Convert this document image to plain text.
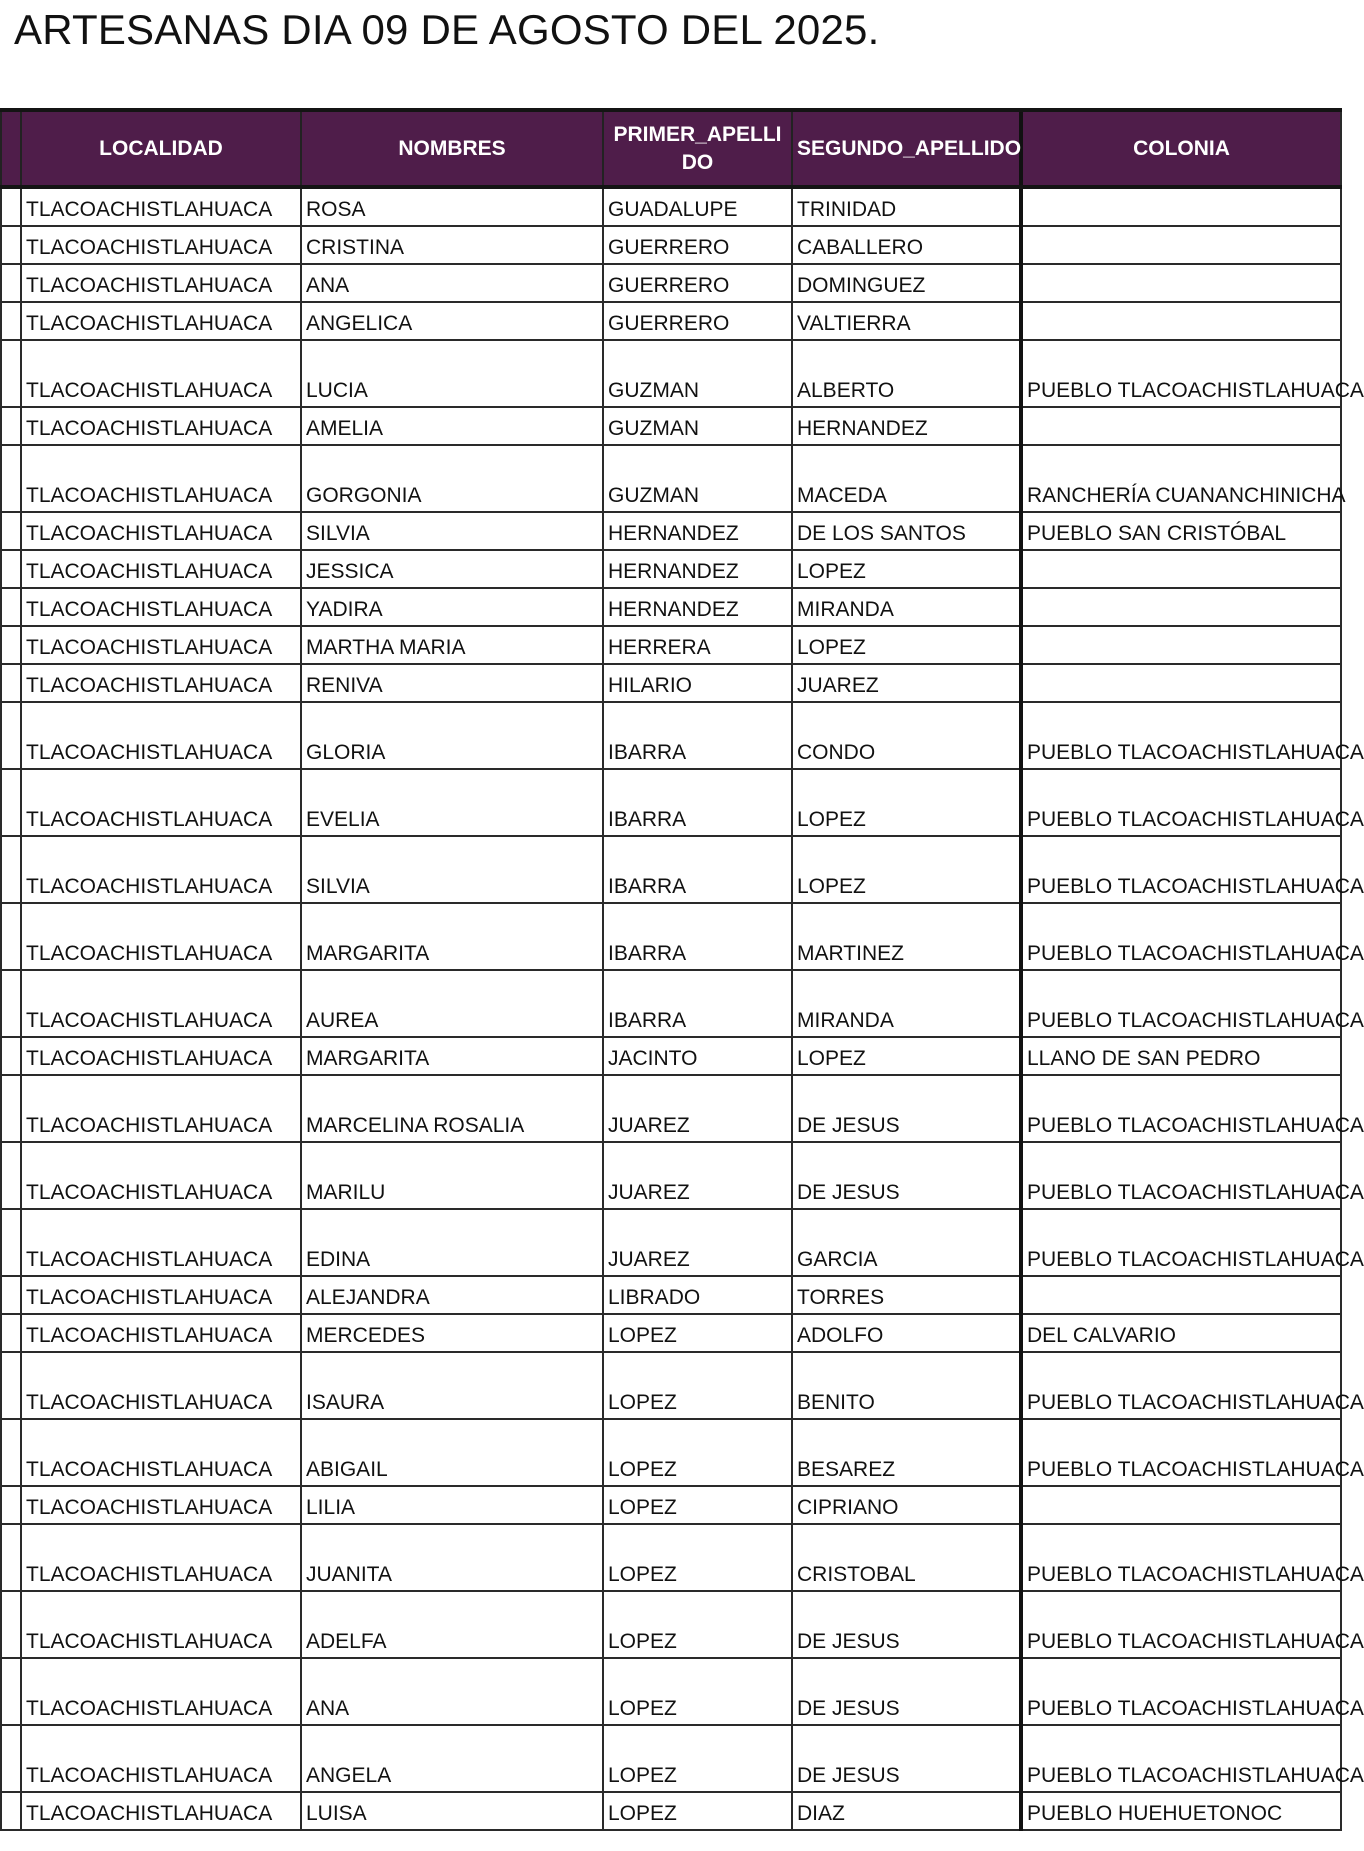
ARTESANAS DIA 09 DE AGOSTO DEL 2025.
	LOCALIDAD	NOMBRES	PRIMER_APELLIDO	SEGUNDO_APELLIDO	COLONIA
	TLACOACHISTLAHUACA	ROSA	GUADALUPE	TRINIDAD	
	TLACOACHISTLAHUACA	CRISTINA	GUERRERO	CABALLERO	
	TLACOACHISTLAHUACA	ANA	GUERRERO	DOMINGUEZ	
	TLACOACHISTLAHUACA	ANGELICA	GUERRERO	VALTIERRA	
	TLACOACHISTLAHUACA	LUCIA	GUZMAN	ALBERTO	PUEBLO TLACOACHISTLAHUACA
	TLACOACHISTLAHUACA	AMELIA	GUZMAN	HERNANDEZ	
	TLACOACHISTLAHUACA	GORGONIA	GUZMAN	MACEDA	RANCHERÍA CUANANCHINICHA
	TLACOACHISTLAHUACA	SILVIA	HERNANDEZ	DE LOS SANTOS	PUEBLO SAN CRISTÓBAL
	TLACOACHISTLAHUACA	JESSICA	HERNANDEZ	LOPEZ	
	TLACOACHISTLAHUACA	YADIRA	HERNANDEZ	MIRANDA	
	TLACOACHISTLAHUACA	MARTHA MARIA	HERRERA	LOPEZ	
	TLACOACHISTLAHUACA	RENIVA	HILARIO	JUAREZ	
	TLACOACHISTLAHUACA	GLORIA	IBARRA	CONDO	PUEBLO TLACOACHISTLAHUACA
	TLACOACHISTLAHUACA	EVELIA	IBARRA	LOPEZ	PUEBLO TLACOACHISTLAHUACA
	TLACOACHISTLAHUACA	SILVIA	IBARRA	LOPEZ	PUEBLO TLACOACHISTLAHUACA
	TLACOACHISTLAHUACA	MARGARITA	IBARRA	MARTINEZ	PUEBLO TLACOACHISTLAHUACA
	TLACOACHISTLAHUACA	AUREA	IBARRA	MIRANDA	PUEBLO TLACOACHISTLAHUACA
	TLACOACHISTLAHUACA	MARGARITA	JACINTO	LOPEZ	LLANO DE SAN PEDRO
	TLACOACHISTLAHUACA	MARCELINA ROSALIA	JUAREZ	DE JESUS	PUEBLO TLACOACHISTLAHUACA
	TLACOACHISTLAHUACA	MARILU	JUAREZ	DE JESUS	PUEBLO TLACOACHISTLAHUACA
	TLACOACHISTLAHUACA	EDINA	JUAREZ	GARCIA	PUEBLO TLACOACHISTLAHUACA
	TLACOACHISTLAHUACA	ALEJANDRA	LIBRADO	TORRES	
	TLACOACHISTLAHUACA	MERCEDES	LOPEZ	ADOLFO	DEL CALVARIO
	TLACOACHISTLAHUACA	ISAURA	LOPEZ	BENITO	PUEBLO TLACOACHISTLAHUACA
	TLACOACHISTLAHUACA	ABIGAIL	LOPEZ	BESAREZ	PUEBLO TLACOACHISTLAHUACA
	TLACOACHISTLAHUACA	LILIA	LOPEZ	CIPRIANO	
	TLACOACHISTLAHUACA	JUANITA	LOPEZ	CRISTOBAL	PUEBLO TLACOACHISTLAHUACA
	TLACOACHISTLAHUACA	ADELFA	LOPEZ	DE JESUS	PUEBLO TLACOACHISTLAHUACA
	TLACOACHISTLAHUACA	ANA	LOPEZ	DE JESUS	PUEBLO TLACOACHISTLAHUACA
	TLACOACHISTLAHUACA	ANGELA	LOPEZ	DE JESUS	PUEBLO TLACOACHISTLAHUACA
	TLACOACHISTLAHUACA	LUISA	LOPEZ	DIAZ	PUEBLO HUEHUETONOC
